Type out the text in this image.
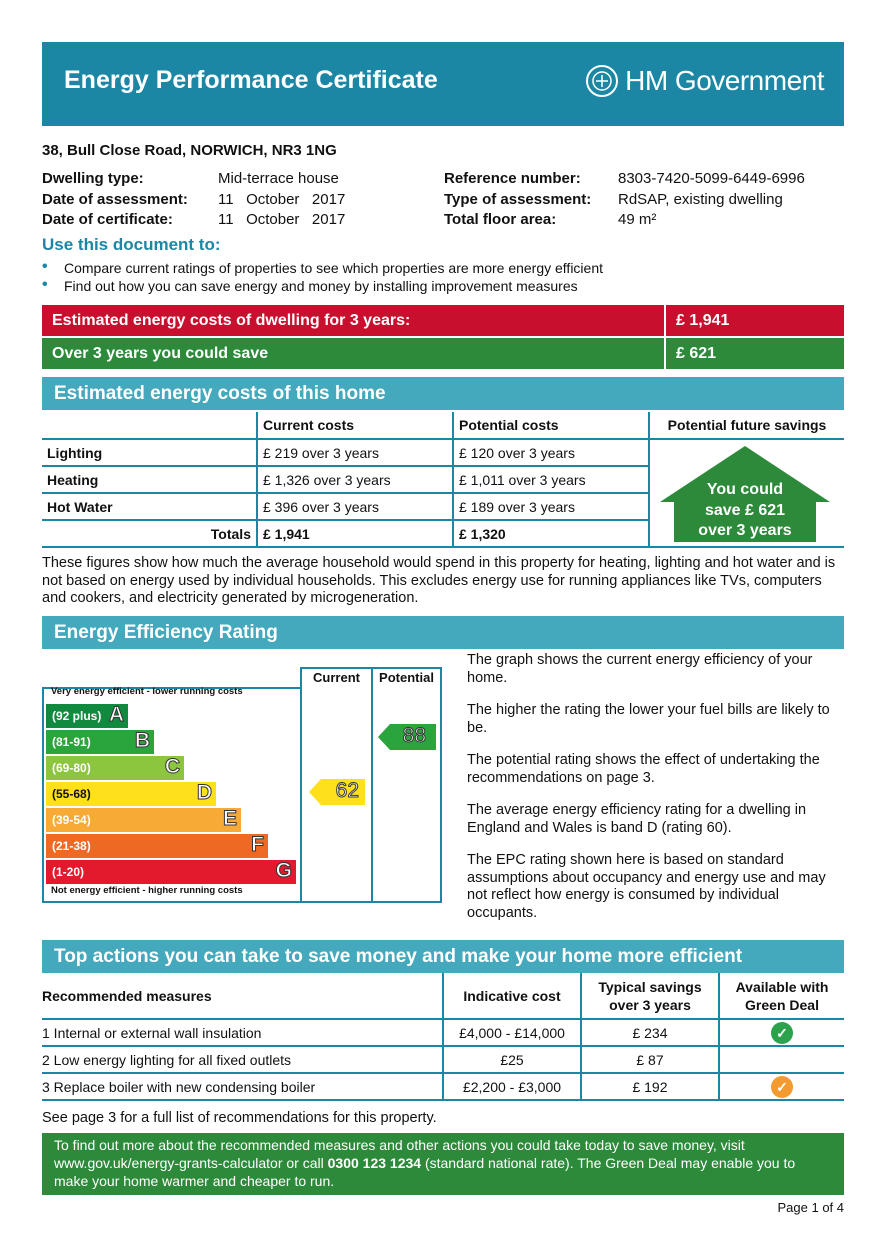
Energy Performance Certificate	HM Government
38, Bull Close Road, NORWICH, NR3 1NG
Dwelling type:	Mid-terrace house
Date of assessment: 11   October   2017
Date of certificate:	11   October   2017
Reference number: 8303-7420-5099-6449-6996
Type of assessment: RdSAP, existing dwelling
Total floor area:	49 m²
Use this document to:
• Compare current ratings of properties to see which properties are more energy efficient
• Find out how you can save energy and money by installing improvement measures
Estimated energy costs of dwelling for 3 years:	£ 1,941
Over 3 years you could save	£ 621
Estimated energy costs of this home
	Current costs	Potential costs	Potential future savings
Lighting	£ 219 over 3 years	£ 120 over 3 years	
Heating	£ 1,326 over 3 years	£ 1,011 over 3 years	
Hot Water	£ 396 over 3 years	£ 189 over 3 years	
Totals	£ 1,941	£ 1,320	
You could
save £ 621
over 3 years
These figures show how much the average household would spend in this property for heating, lighting and hot water and is not based on energy used by individual households. This excludes energy use for running appliances like TVs, computers and cookers, and electricity generated by microgeneration.
Energy Efficiency Rating
Current	Potential
Very energy efficient - lower running costs
(92 plus) A
(81-91) B
(69-80)	C
(55-68)	D
(39-54)	E
(21-38)	F
(1-20)	G
Not energy efficient - higher running costs
62
88

The graph shows the current energy efficiency of your home.

The higher the rating the lower your fuel bills are likely to be.

The potential rating shows the effect of undertaking the recommendations on page 3.

The average energy efficiency rating for a dwelling in England and Wales is band D (rating 60).

The EPC rating shown here is based on standard assumptions about occupancy and energy use and may not reflect how energy is consumed by individual occupants.

Top actions you can take to save money and make your home more efficient
Recommended measures	Indicative cost	Typical savings over 3 years	Available with Green Deal
1 Internal or external wall insulation	£4,000 - £14,000	£ 234	✓
2 Low energy lighting for all fixed outlets	£25	£ 87	
3 Replace boiler with new condensing boiler	£2,200 - £3,000	£ 192	✓
See page 3 for a full list of recommendations for this property.
To find out more about the recommended measures and other actions you could take today to save money, visit www.gov.uk/energy-grants-calculator or call 0300 123 1234 (standard national rate). The Green Deal may enable you to make your home warmer and cheaper to run.
Page 1 of 4
